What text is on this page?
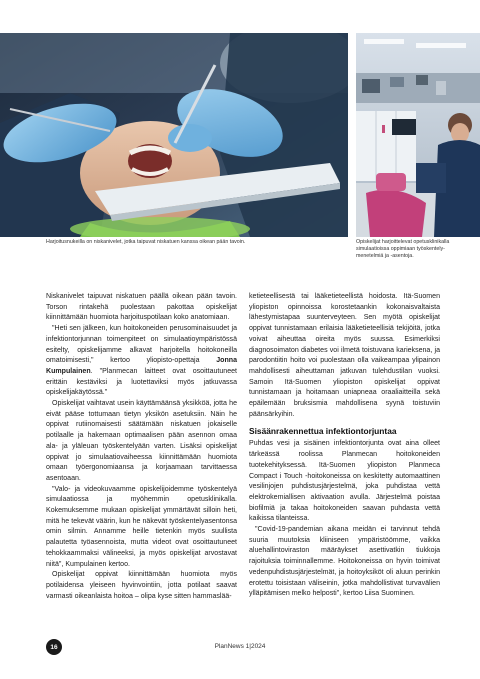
Harjoitusnukeilla on niskanivelet, jotka taipuvat niskatuen kanssa oikean pään tavoin.	Opiskelijat harjoittelevat opetusklinikalla simulaatioissa oppimiaan työskentely-menetelmiä ja -asentoja.

Niskanivelet taipuvat niskatuen päällä oikean pään tavoin. Torson rintakehä puolestaan pakottaa opiskelijat kiinnittämään huomiota harjoituspotilaan koko anatomiaan.

"Heti sen jälkeen, kun hoitokoneiden perusominaisuudet ja infektiontorjunnan toimenpiteet on simulaatioympäristössä esitelty, opiskelijamme alkavat harjoitella hoitokoneilla omatoimisesti," kertoo yliopisto-opettaja Jonna Kumpulainen. "Planmecan laitteet ovat osoittautuneet erittäin kestäviksi ja luotettaviksi myös jatkuvassa opiskelijakäytössä."

Opiskelijat vaihtavat usein käyttämäänsä yksikköä, jotta he eivät pääse tottumaan tietyn yksikön asetuksiin. Näin he oppivat rutiinomaisesti säätämään niskatuen jokaiselle potilaalle ja hakemaan optimaalisen pään asennon omaa ala- ja yläleuan työskentelyään varten. Lisäksi opiskelijat oppivat jo simulaatiovaiheessa kiinnittämään huomiota omaan työergonomiaansa ja korjaamaan tarvittaessa asentoaan.

"Valo- ja videokuvaamme opiskelijoidemme työskentelyä simulaatiossa ja myöhemmin opetusklinikalla. Kokemuksemme mukaan opiskelijat ymmärtävät silloin heti, mitä he tekevät väärin, kun he näkevät työskentelyasentonsa omin silmin. Annamme heille tietenkin myös suullista palautetta työasennoista, mutta videot ovat osoittautuneet tehokkaammaksi välineeksi, ja myös opiskelijat arvostavat niitä", Kumpulainen kertoo.

Opiskelijat oppivat kiinnittämään huomiota myös potilaidensa yleiseen hyvinvointiin, jotta potilaat saavat varmasti oikeanlaista hoitoa – olipa kyse sitten hammaslää-

ketieteellisestä tai lääketieteellistä hoidosta. Itä-Suomen yliopiston opinnoissa korostetaankin kokonaisvaltaista lähestymistapaa suunterveyteen. Sen myötä opiskelijat oppivat tunnistamaan erilaisia lääketieteellisiä tekijöitä, jotka voivat aiheuttaa oireita myös suussa. Esimerkiksi diagnosoimaton diabetes voi ilmetä toistuvana karieksena, ja parodontiitin hoito voi puolestaan olla vaikeampaa ylipainon mahdollisesti aiheuttaman jatkuvan tulehdustilan vuoksi. Samoin Itä-Suomen yliopiston opiskelijat oppivat tunnistamaan ja hoitamaan uniapneaa oraaliaitteilla sekä epäilemään bruksismia mahdollisena syynä toistuviin päänsärkyihin.

Sisäänrakennettua infektiontorjuntaa

Puhdas vesi ja sisäinen infektiontorjunta ovat aina olleet tärkeässä roolissa Planmecan hoitokoneiden tuotekehityksessä. Itä-Suomen yliopiston Planmeca Compact i Touch -hoitokoneissa on keskitetty automaattinen vesilinjojen puhdistusjärjestelmä, joka puhdistaa vettä elektrokemiallisen aktivaation avulla. Järjestelmä poistaa biofilmiä ja takaa hoitokoneiden saavan puhdasta vettä kaikissa tilanteissa.

"Covid-19-pandemian aikana meidän ei tarvinnut tehdä suuria muutoksia kliiniseen ympäristöömme, vaikka aluehallintoviraston määräykset asettivatkin tiukkoja rajoituksia toiminnallemme. Hoitokoneissa on hyvin toimivat vedenpuhdistusjärjestelmät, ja hoitoyksiköt oli aluun perinkin erotettu toisistaan väliseinin, jotka mahdollistivat turvavälien ylläpitämisen melko helposti", kertoo Liisa Suominen.

16	PlanNews 1|2024
